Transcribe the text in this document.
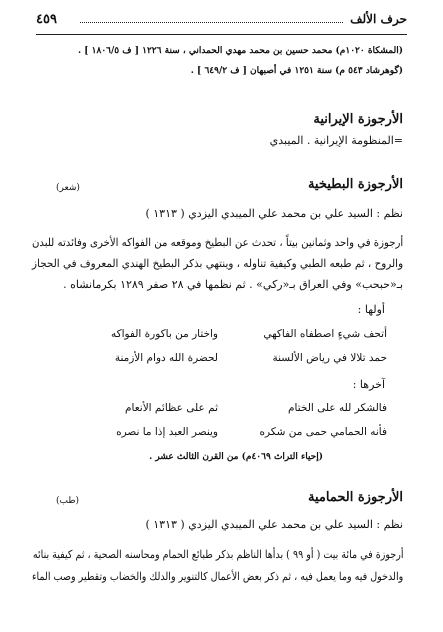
حرف الألف
٤٥٩
(المشكاة ١٠٢٠م) محمد حسين بن محمد مهدي الحمداني ، سنة ١٢٢٦ [ ف ١٨٠٦/٥ ] .
(گوهرشاد ٥٤٣ م) سنة ١٢٥١ في أصبهان [ ف ٦٤٩/٢ ] .
الأرجوزة الإيرانية
=المنظومة الإيرانية . الميبدي
الأرجوزة البطيخية
(شعر)
نظم : السيد علي بن محمد علي الميبدي اليزدي ( ١٣١٣ )
أرجوزة في واحد وثمانين بيتاً ، تحدث عن البطيخ وموقعه من الفواكه الأخرى وفائدته للبدن
والروح ، ثم طبعه الطبي وكيفية تناوله ، وينتهي بذكر البطيخ الهندي المعروف في الحجاز
بـ«حبحب» وفي العراق بـ«ركي» . ثم نظمها في ٢٨ صفر ١٢٨٩ بكرمانشاه .
أولها :
أتحف شيءٍ اصطفاه الفاكهي
واختار من باكورة الفواكه
حمد تلالا في رياض الألسنة
لحضرة الله دوام الأزمنة
آخرها :
فالشكر لله على الختام
ثم على عظائم الأنعام
فأنه الحمامي حمى من شكره
وينصر العبد إذا ما نصره
(إحياء التراث ٤٠٦٩م) من القرن الثالث عشر .
الأرجوزة الحمامية
(طب)
نظم : السيد علي بن محمد علي الميبدي اليزدي ( ١٣١٣ )
أرجوزة في مائة بيت ( أو ٩٩ ) بدأها الناظم بذكر طبائع الحمام ومحاسنه الصحية ، ثم كيفية بنائه
والدخول فيه وما يعمل فيه ، ثم ذكر بعض الأعمال كالتنوير والدلك والخضاب وتقطير وصب الماء
